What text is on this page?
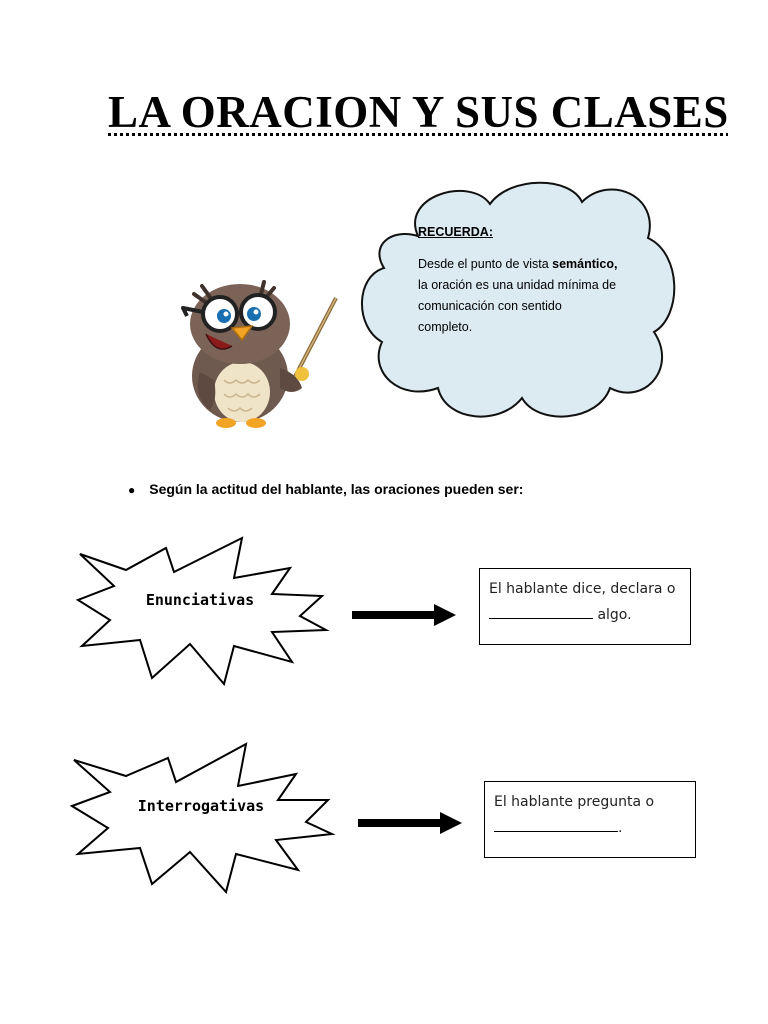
LA ORACION Y SUS CLASES
RECUERDA:
Desde el punto de vista semántico, la oración es una unidad mínima de comunicación con sentido completo.
● Según la actitud del hablante, las oraciones pueden ser:
Enunciativas
El hablante dice, declara o
algo.
Interrogativas	El hablante pregunta o
.
